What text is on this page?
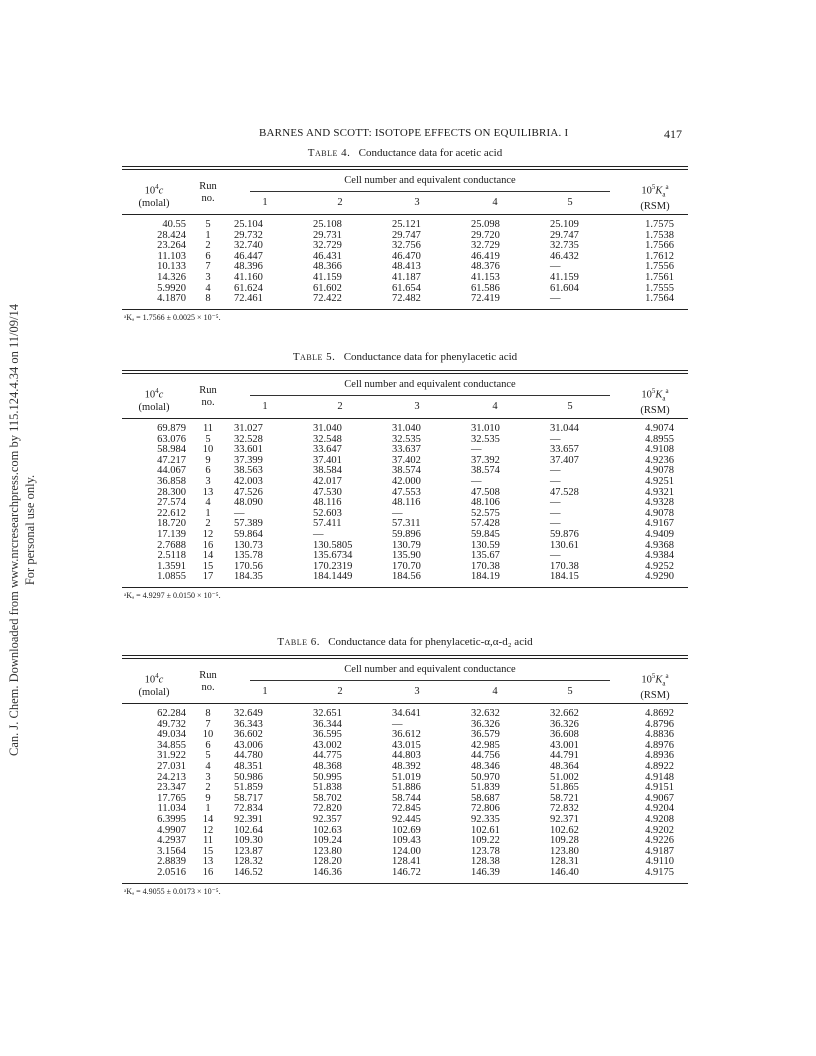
Can. J. Chem. Downloaded from www.nrcresearchpress.com by 115.124.4.34 on 11/09/14 For personal use only.
BARNES AND SCOTT: ISOTOPE EFFECTS ON EQUILIBRIA. I	417
Table 4. Conductance data for acetic acid
$10^4c$
(molal)
Run
no.
Cell number and equivalent conductance
1	2	3	4	5
$10^5K_a^a$
(RSM)
40.55	5	25.104	25.108	25.121	25.098	25.109	1.7575
28.424	1	29.732	29.731	29.747	29.720	29.747	1.7538
23.264	2	32.740	32.729	32.756	32.729	32.735	1.7566
11.103	6	46.447	46.431	46.470	46.419	46.432	1.7612
10.133	7	48.396	48.366	48.413	48.376	—	1.7556
14.326	3	41.160	41.159	41.187	41.153	41.159	1.7561
5.9920	4	61.624	61.602	61.654	61.586	61.604	1.7555
4.1870	8	72.461	72.422	72.482	72.419	—	1.7564
ᵃKₐ = 1.7566 ± 0.0025 × 10⁻⁵.
Table 5. Conductance data for phenylacetic acid
$10^4c$
(molal)
Run
no.
Cell number and equivalent conductance
1	2	3	4	5
$10^5K_a^a$
(RSM)
69.879	11	31.027	31.040	31.040	31.010	31.044	4.9074
63.076	5	32.528	32.548	32.535	32.535	—	4.8955
58.984	10	33.601	33.647	33.637	—	33.657	4.9108
47.217	9	37.399	37.401	37.402	37.392	37.407	4.9236
44.067	6	38.563	38.584	38.574	38.574	—	4.9078
36.858	3	42.003	42.017	42.000	—	—	4.9251
28.300	13	47.526	47.530	47.553	47.508	47.528	4.9321
27.574	4	48.090	48.116	48.116	48.106	—	4.9328
22.612	1	—	52.603	—	52.575	—	4.9078
18.720	2	57.389	57.411	57.311	57.428	—	4.9167
17.139	12	59.864	—	59.896	59.845	59.876	4.9409
2.7688	16	130.73	130.5805	130.79	130.59	130.61	4.9368
2.5118	14	135.78	135.6734	135.90	135.67	—	4.9384
1.3591	15	170.56	170.2319	170.70	170.38	170.38	4.9252
1.0855	17	184.35	184.1449	184.56	184.19	184.15	4.9290
ᵃKₐ = 4.9297 ± 0.0150 × 10⁻⁵.
Table 6. Conductance data for phenylacetic-α,α-d₂ acid
$10^4c$
(molal)
Run
no.
Cell number and equivalent conductance
1	2	3	4	5
$10^5K_a^a$
(RSM)
62.284	8	32.649	32.651	34.641	32.632	32.662	4.8692
49.732	7	36.343	36.344	—	36.326	36.326	4.8796
49.034	10	36.602	36.595	36.612	36.579	36.608	4.8836
34.855	6	43.006	43.002	43.015	42.985	43.001	4.8976
31.922	5	44.780	44.775	44.803	44.756	44.791	4.8936
27.031	4	48.351	48.368	48.392	48.346	48.364	4.8922
24.213	3	50.986	50.995	51.019	50.970	51.002	4.9148
23.347	2	51.859	51.838	51.886	51.839	51.865	4.9151
17.765	9	58.717	58.702	58.744	58.687	58.721	4.9067
11.034	1	72.834	72.820	72.845	72.806	72.832	4.9204
6.3995	14	92.391	92.357	92.445	92.335	92.371	4.9208
4.9907	12	102.64	102.63	102.69	102.61	102.62	4.9202
4.2937	11	109.30	109.24	109.43	109.22	109.28	4.9226
3.1564	15	123.87	123.80	124.00	123.78	123.80	4.9187
2.8839	13	128.32	128.20	128.41	128.38	128.31	4.9110
2.0516	16	146.52	146.36	146.72	146.39	146.40	4.9175
ᵃKₐ = 4.9055 ± 0.0173 × 10⁻⁵.
